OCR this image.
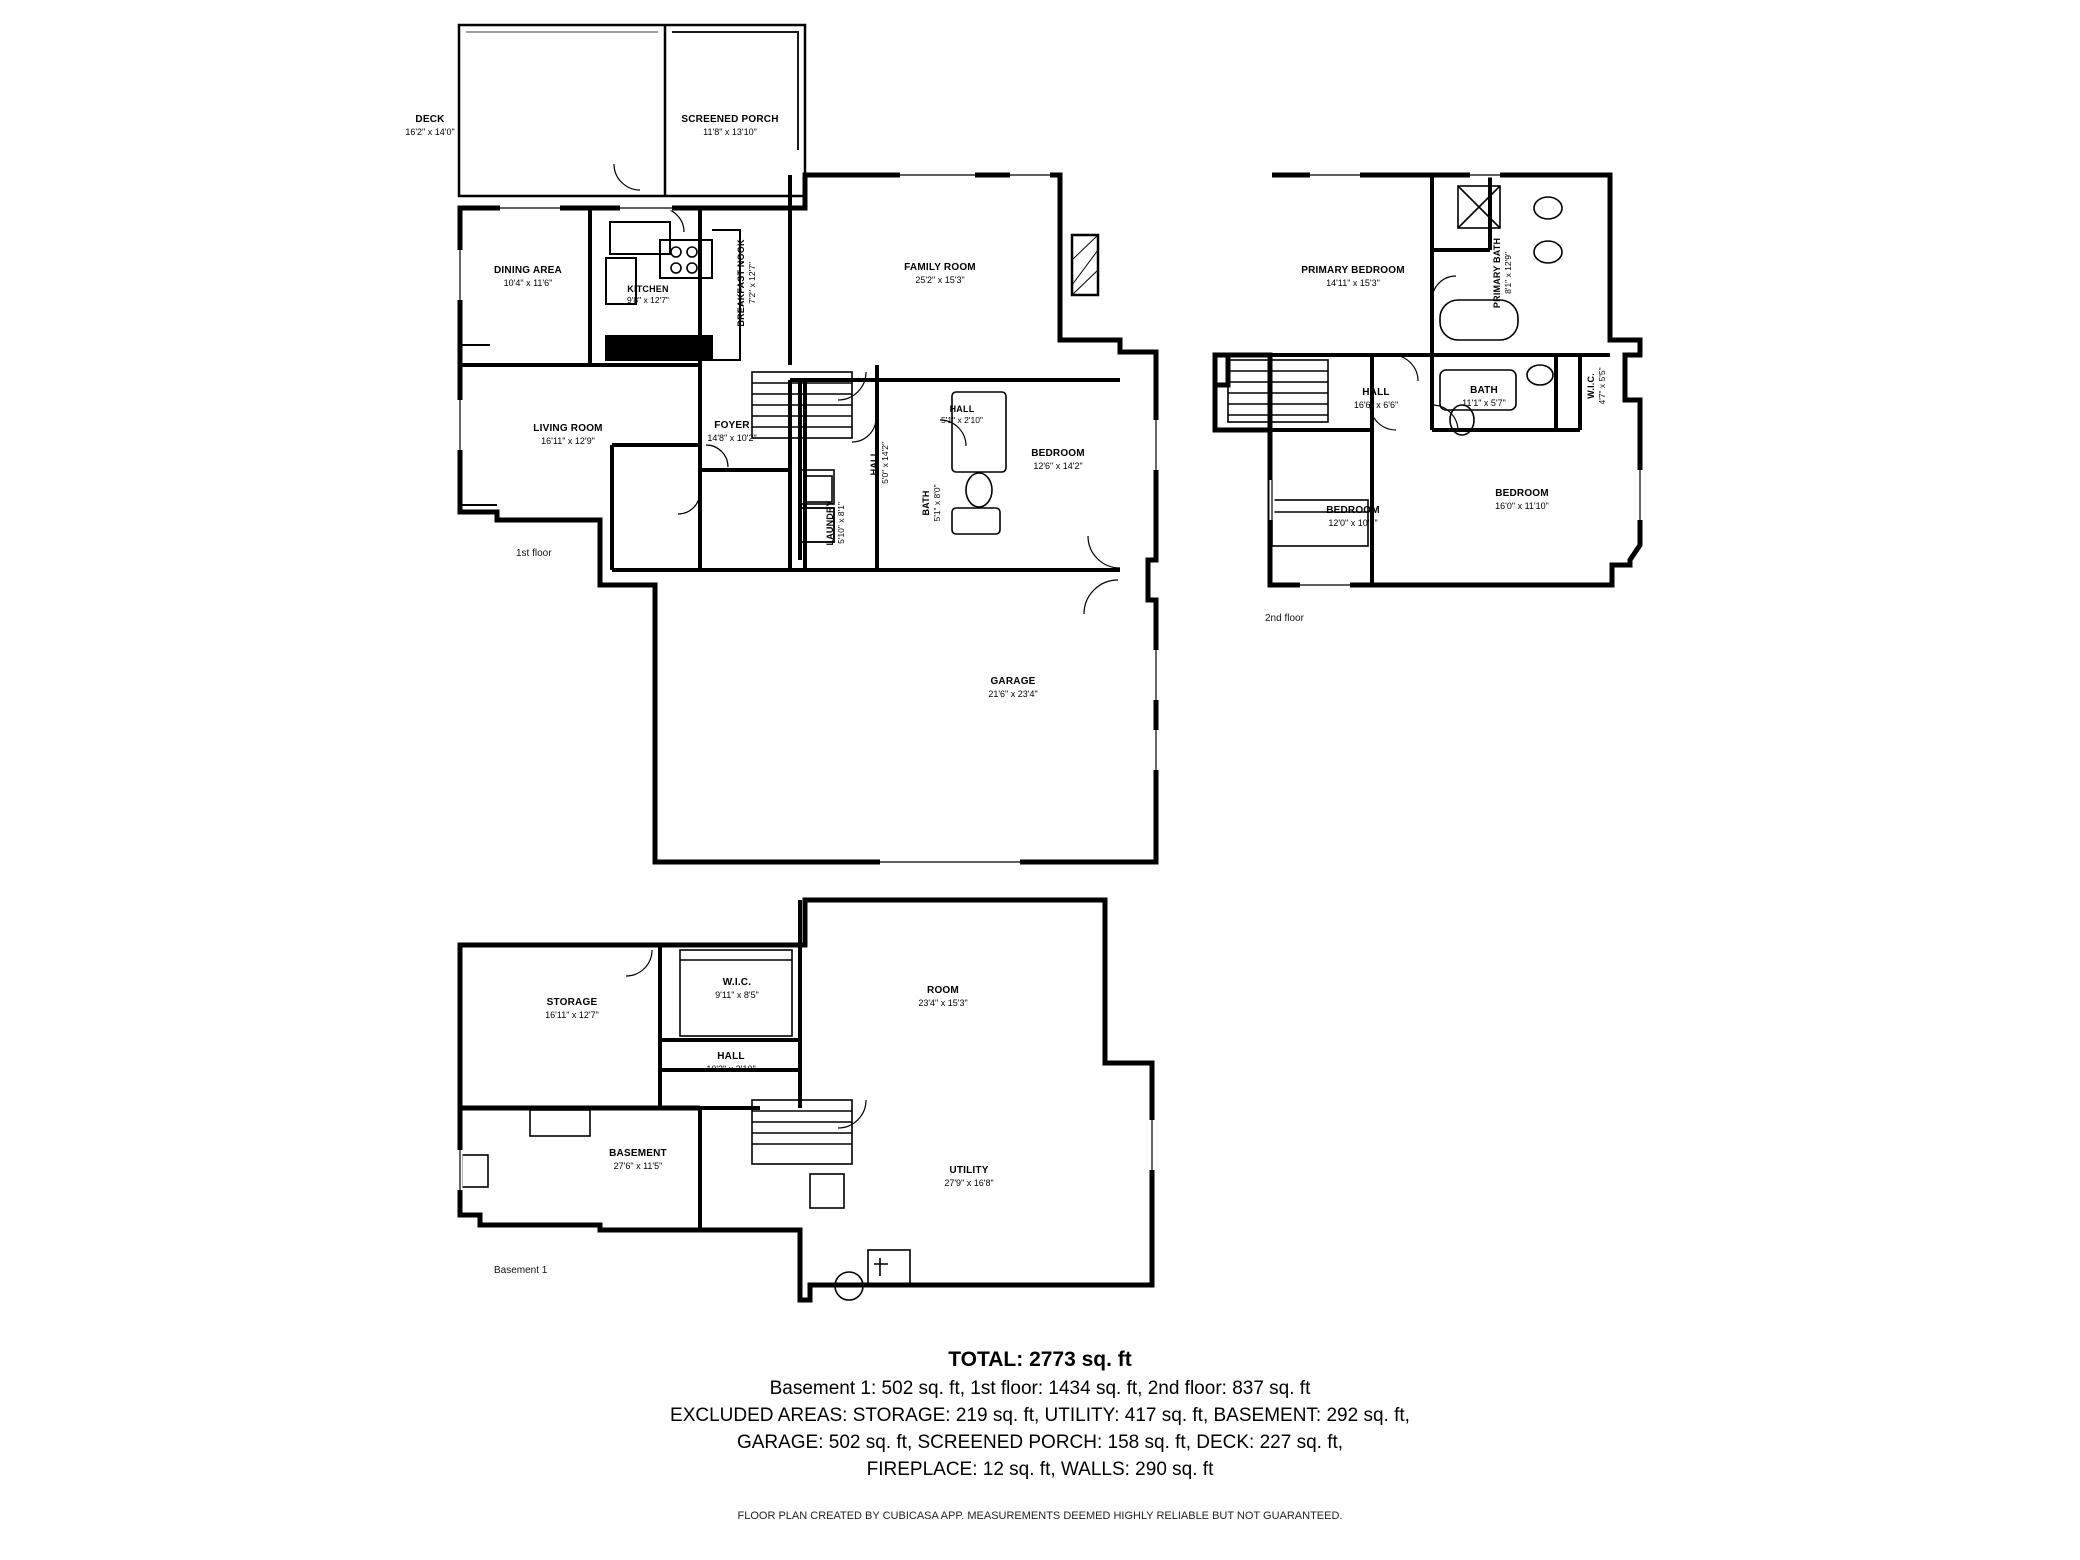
DECK
16'2" x 14'0"
SCREENED PORCH
11'8" x 13'10"
DINING AREA
10'4" x 11'6"
KITCHEN
9'8" x 12'7"	BREAKFAST NOOK 7'2" x 12'7"	FAMILY ROOM
25'2" x 15'3"
LIVING ROOM
16'11" x 12'9"
FOYER
14'8" x 10'2"
HALL 5'0" x 14'2"
HALL
5'1" x 2'10"
BATH 5'1" x 8'0"
LAUNDRY 5'10" x 8'1"
BEDROOM
12'6" x 14'2"
GARAGE
21'6" x 23'4"
1st floor
PRIMARY BEDROOM
14'11" x 15'3"	PRIMARY BATH 8'1" x 12'9"
HALL
16'6" x 6'6"
BATH
11'1" x 5'7"
W.I.C. 4'7" x 5'5"
BEDROOM
12'0" x 10'5"
BEDROOM
16'0" x 11'10"
2nd floor
STORAGE
16'11" x 12'7"
W.I.C.
9'11" x 8'5"	ROOM
23'4" x 15'3"
HALL
10'3" x 3'10"
BASEMENT
27'6" x 11'5"	UTILITY
27'9" x 16'8"
Basement 1
TOTAL: 2773 sq. ft
Basement 1: 502 sq. ft, 1st floor: 1434 sq. ft, 2nd floor: 837 sq. ft
EXCLUDED AREAS: STORAGE: 219 sq. ft, UTILITY: 417 sq. ft, BASEMENT: 292 sq. ft,
GARAGE: 502 sq. ft, SCREENED PORCH: 158 sq. ft, DECK: 227 sq. ft,
FIREPLACE: 12 sq. ft, WALLS: 290 sq. ft
FLOOR PLAN CREATED BY CUBICASA APP. MEASUREMENTS DEEMED HIGHLY RELIABLE BUT NOT GUARANTEED.
